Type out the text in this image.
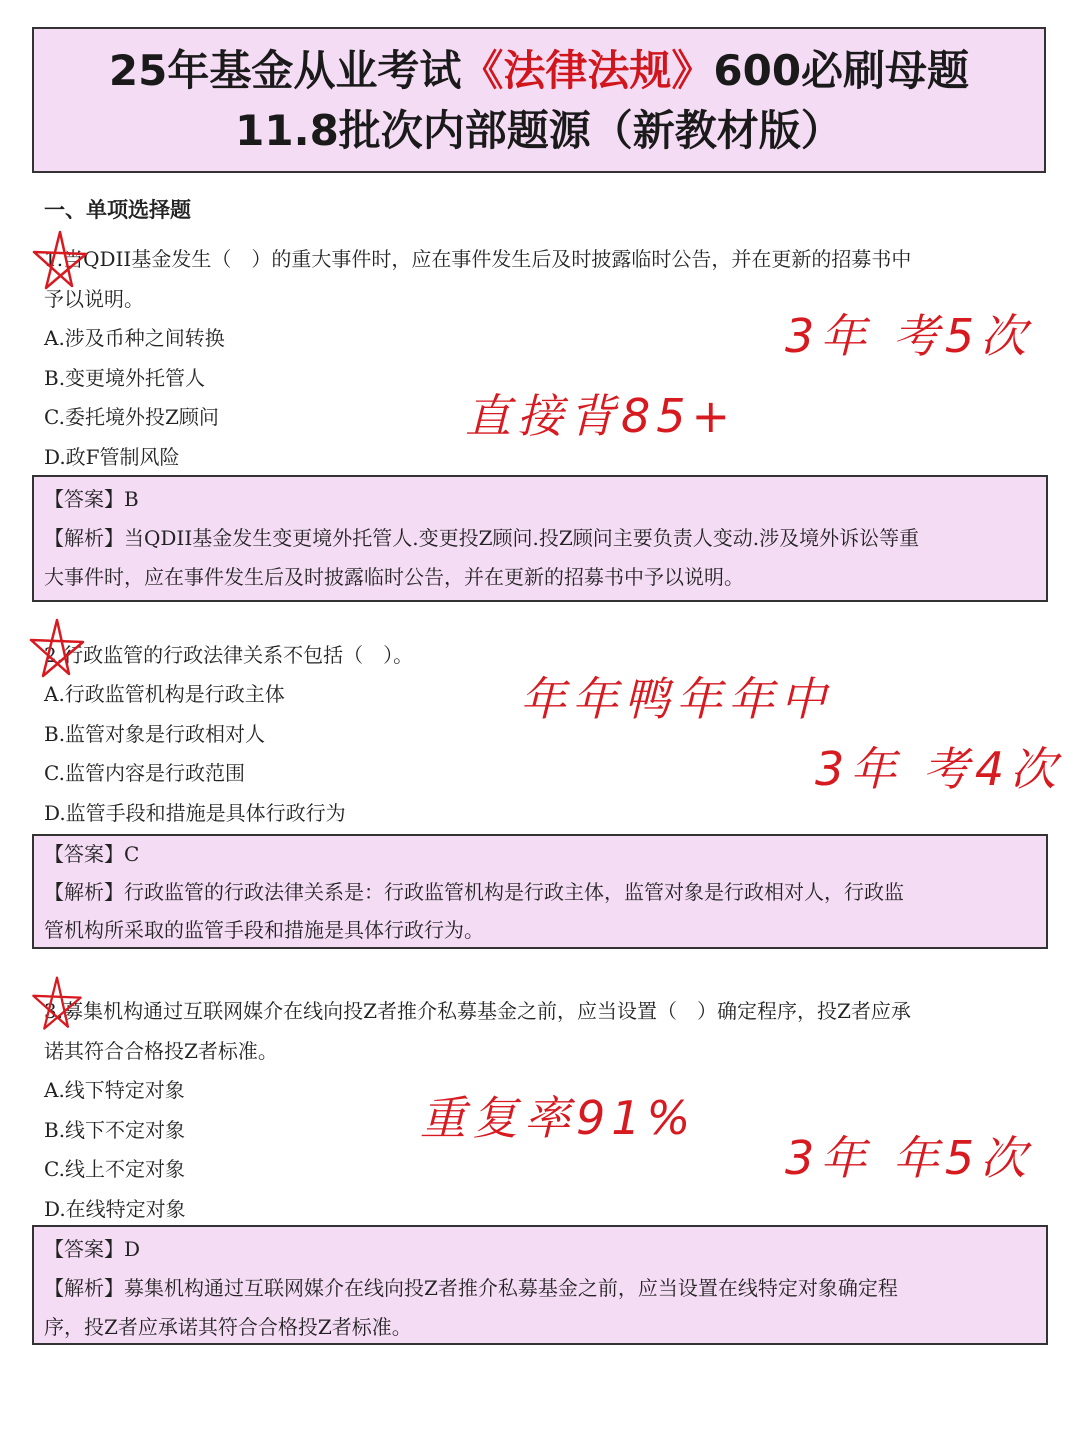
25年基金从业考试《法律法规》600必刷母题
11.8批次内部题源（新教材版）
一、单项选择题
1.当QDII基金发生（　）的重大事件时，应在事件发生后及时披露临时公告，并在更新的招募书中
予以说明。
A.涉及币种之间转换
B.变更境外托管人
C.委托境外投Z顾问
D.政F管制风险
【答案】B
【解析】当QDII基金发生变更境外托管人.变更投Z顾问.投Z顾问主要负责人变动.涉及境外诉讼等重
大事件时，应在事件发生后及时披露临时公告，并在更新的招募书中予以说明。
2.行政监管的行政法律关系不包括（　）。
A.行政监管机构是行政主体
B.监管对象是行政相对人
C.监管内容是行政范围
D.监管手段和措施是具体行政行为
【答案】C
【解析】行政监管的行政法律关系是：行政监管机构是行政主体，监管对象是行政相对人，行政监
管机构所采取的监管手段和措施是具体行政行为。
3.募集机构通过互联网媒介在线向投Z者推介私募基金之前，应当设置（　）确定程序，投Z者应承
诺其符合合格投Z者标准。
A.线下特定对象
B.线下不定对象
C.线上不定对象
D.在线特定对象
【答案】D
【解析】募集机构通过互联网媒介在线向投Z者推介私募基金之前，应当设置在线特定对象确定程
序，投Z者应承诺其符合合格投Z者标准。
3年 考5次
直接背85+
年年鸭年年中
3年 考4次
重复率91%
3年 年5次
